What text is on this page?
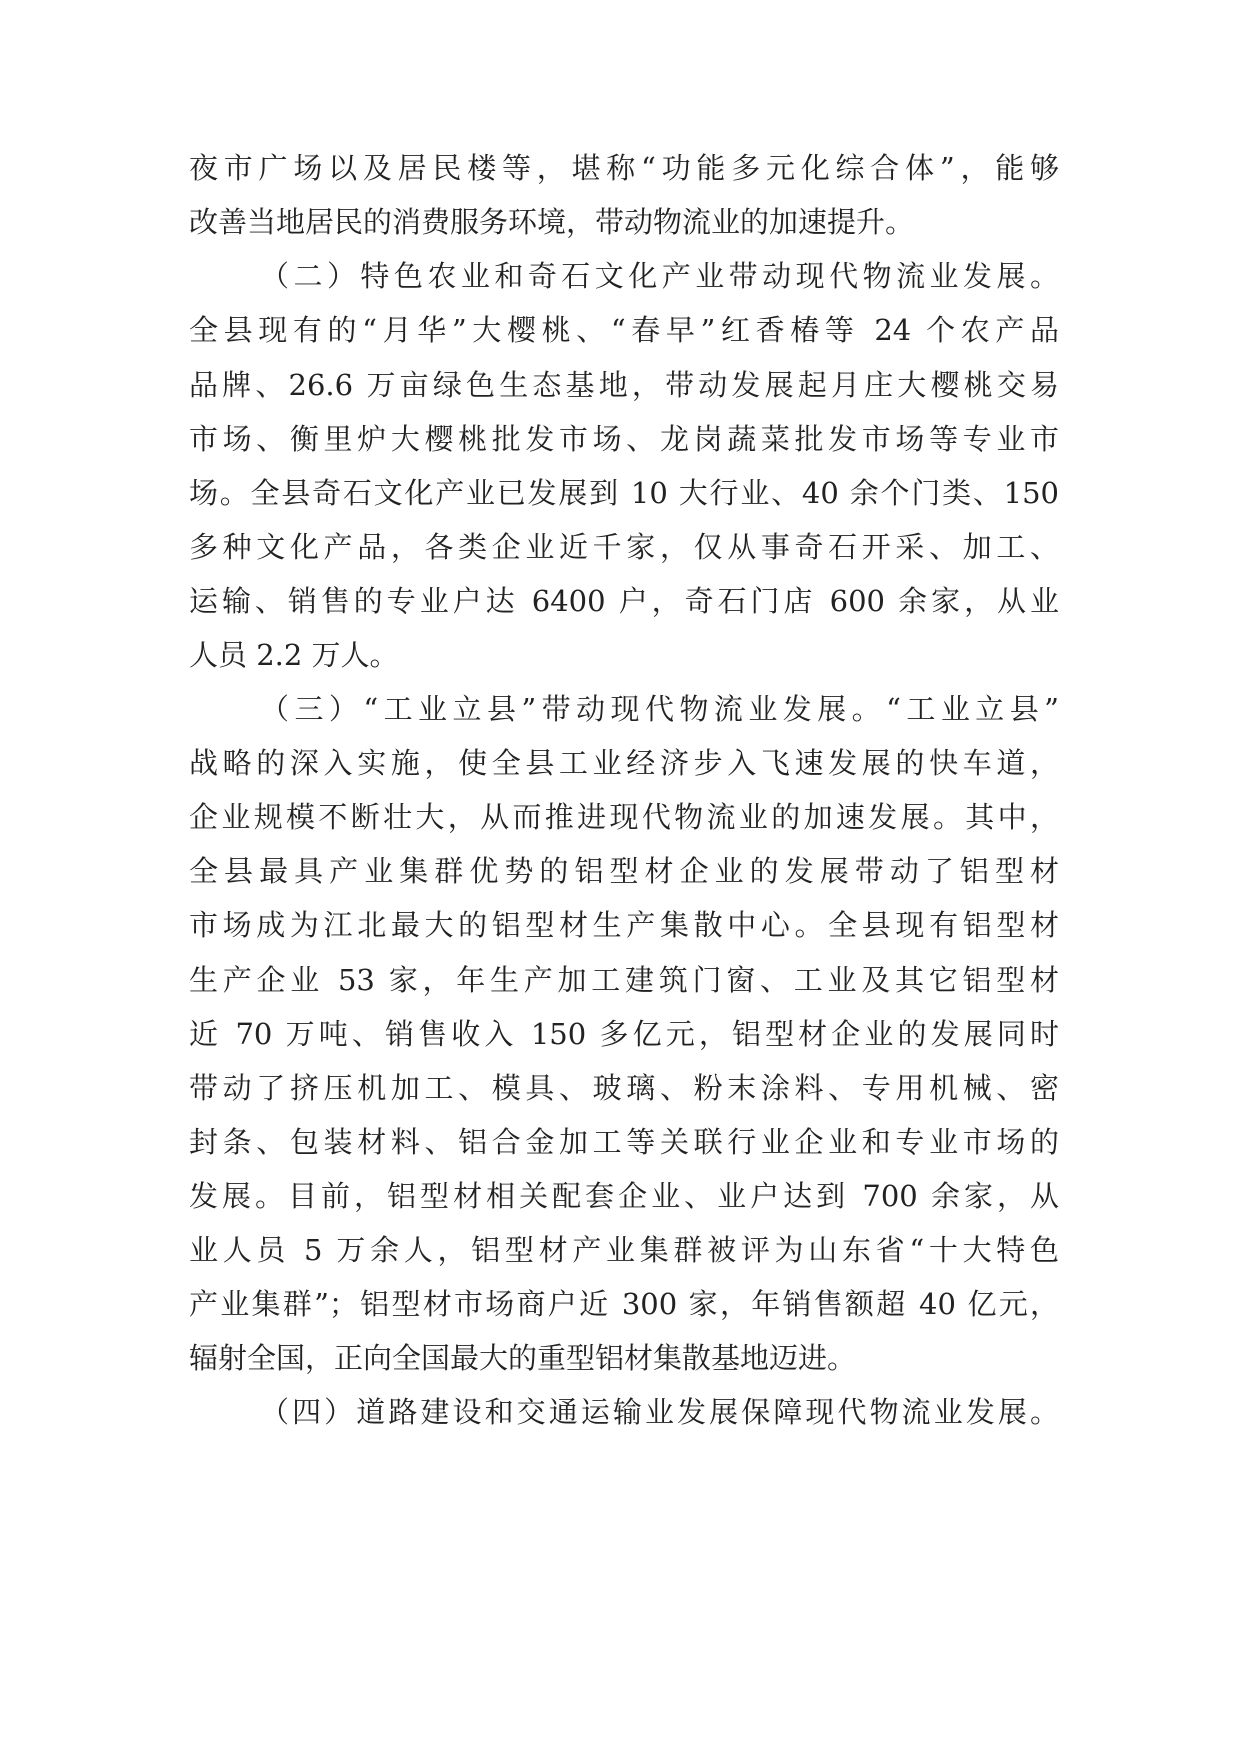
夜市广场以及居民楼等，堪称“功能多元化综合体”，能够

改善当地居民的消费服务环境，带动物流业的加速提升。

（二）特色农业和奇石文化产业带动现代物流业发展。

全县现有的“月华”大樱桃、“春早”红香椿等 24 个农产品

品牌、26.6 万亩绿色生态基地，带动发展起月庄大樱桃交易

市场、衡里炉大樱桃批发市场、龙岗蔬菜批发市场等专业市

场。全县奇石文化产业已发展到 10 大行业、40 余个门类、150

多种文化产品，各类企业近千家，仅从事奇石开采、加工、

运输、销售的专业户达 6400 户，奇石门店 600 余家，从业

人员 2.2 万人。

（三）“工业立县”带动现代物流业发展。“工业立县”

战略的深入实施，使全县工业经济步入飞速发展的快车道，

企业规模不断壮大，从而推进现代物流业的加速发展。其中，

全县最具产业集群优势的铝型材企业的发展带动了铝型材

市场成为江北最大的铝型材生产集散中心。全县现有铝型材

生产企业 53 家，年生产加工建筑门窗、工业及其它铝型材

近 70 万吨、销售收入 150 多亿元，铝型材企业的发展同时

带动了挤压机加工、模具、玻璃、粉末涂料、专用机械、密

封条、包装材料、铝合金加工等关联行业企业和专业市场的

发展。目前，铝型材相关配套企业、业户达到 700 余家，从

业人员 5 万余人，铝型材产业集群被评为山东省“十大特色

产业集群”；铝型材市场商户近 300 家，年销售额超 40 亿元，

辐射全国，正向全国最大的重型铝材集散基地迈进。

（四）道路建设和交通运输业发展保障现代物流业发展。
